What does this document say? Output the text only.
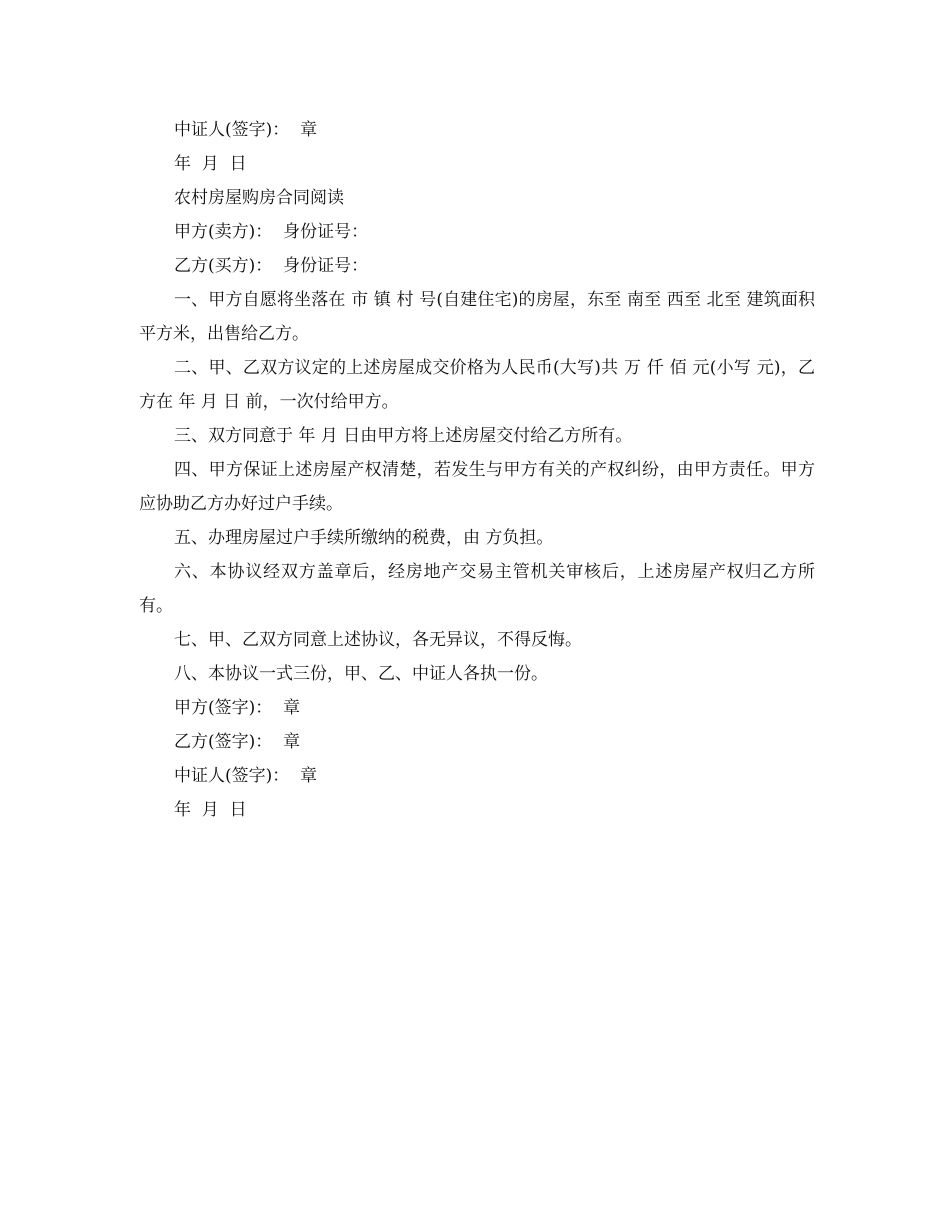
中证人(签字)：  章
年  月  日
农村房屋购房合同阅读
甲方(卖方)：  身份证号：
乙方(买方)：  身份证号：

一、甲方自愿将坐落在 市 镇 村 号(自建住宅)的房屋，东至 南至 西至 北至 建筑面积 平方米，出售给乙方。

二、甲、乙双方议定的上述房屋成交价格为人民币(大写)共 万 仟 佰 元(小写 元)，乙方在 年 月 日 前，一次付给甲方。

三、双方同意于 年 月 日由甲方将上述房屋交付给乙方所有。

四、甲方保证上述房屋产权清楚，若发生与甲方有关的产权纠纷，由甲方责任。甲方应协助乙方办好过户手续。

五、办理房屋过户手续所缴纳的税费，由 方负担。

六、本协议经双方盖章后，经房地产交易主管机关审核后，上述房屋产权归乙方所有。

七、甲、乙双方同意上述协议，各无异议，不得反悔。

八、本协议一式三份，甲、乙、中证人各执一份。

甲方(签字)：  章
乙方(签字)：  章
中证人(签字)：  章
年  月  日
